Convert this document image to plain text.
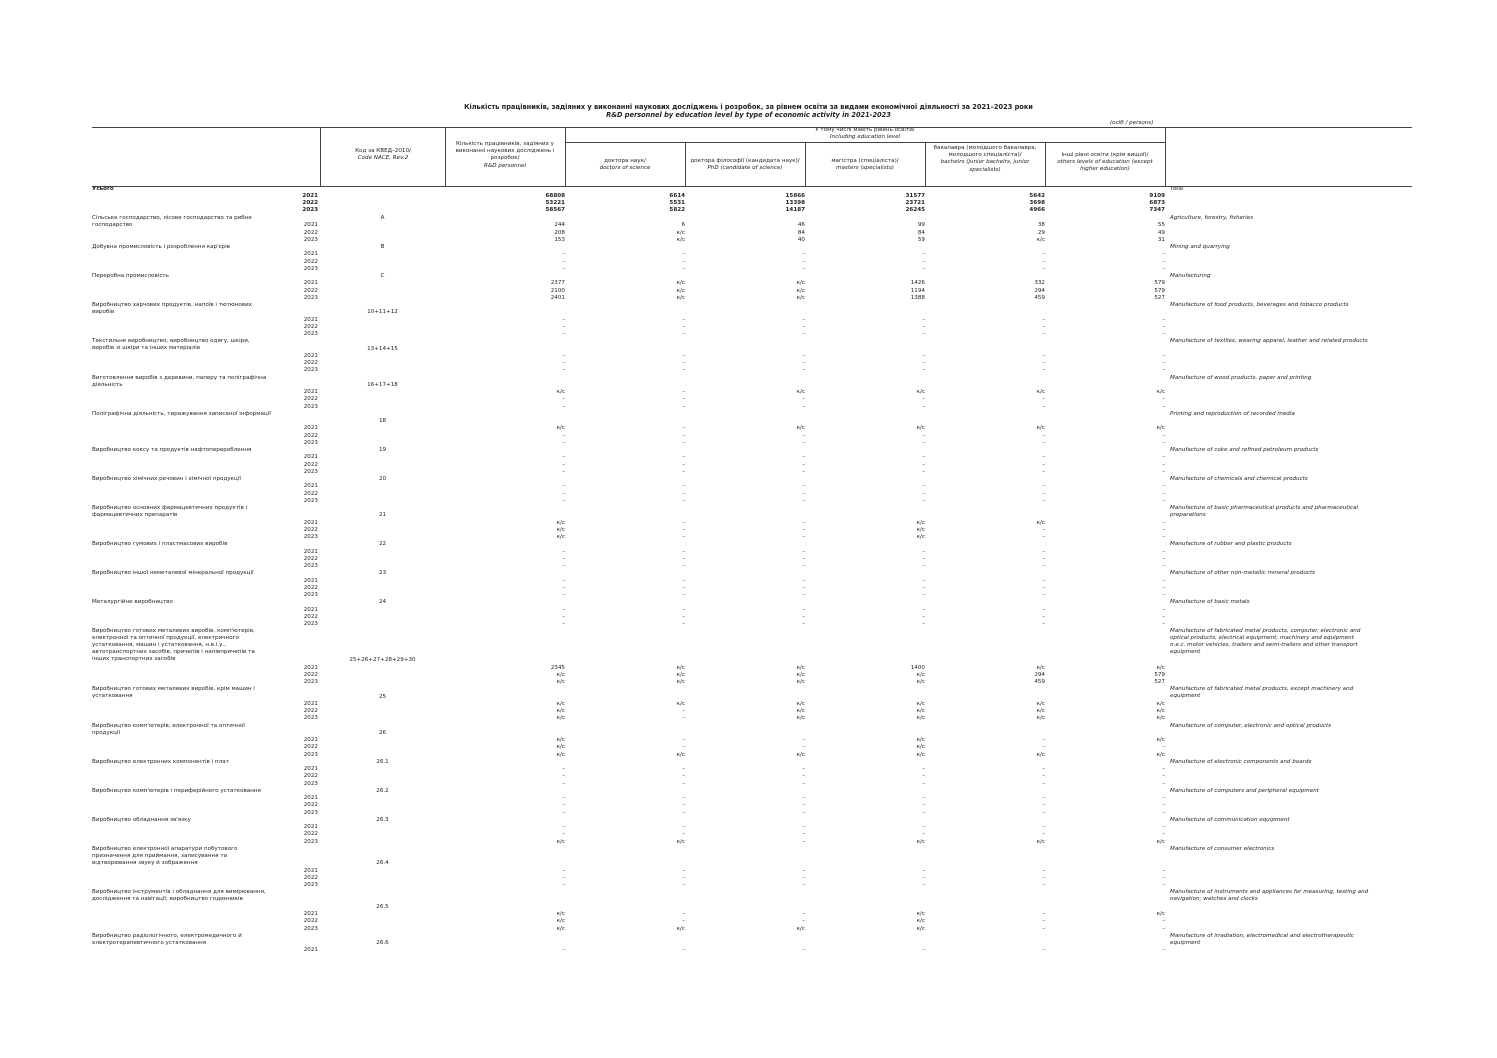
Кількість працівників, задіяних у виконанні наукових досліджень і розробок, за рівнем освіти за видами економічної діяльності за 2021–2023 роки
R&D personnel by education level by type of economic activity in 2021-2023
(осіб / persons)
Код за КВЕД–2010/
Code NACE, Rev.2
Кількість працівників, задіяних у виконанні наукових досліджень і розробок/
R&D personnel
У тому числі мають рівень освіти/
Including education level
доктора наук/
doctors of science
доктора філософії (кандидата наук)/
PhD (candidate of science)
магістра (спеціаліста)/
masters (specialists)
бакалавра (молодшого бакалавра, молодшого спеціаліста)/
bachelrs (junior bachelrs, junior specialists)
інші рівні освіти (крім вищої)/
others levels of education (except higher education)
Усього	Total
2021	68808	6614	15866	31577	5642	9109
2022	53221	5531	13398	23721	3698	6873
2023	58567	5822	14187	26245	4966	7347
Сільське господарство, лісове господарство та рибне господарство
Agriculture, forestry, fisheries
A
2021	244	6	46	99	38	55
2022	208	к/с	84	84	29	49
2023	153	к/с	40	59	к/с	31
Добувна промисловість і розроблення кар'єрів	Mining and quarrying
B
2021	–	–	–	–	–	–
2022	–	–	–	–	–	–
2023	–	–	–	–	–	–
Переробна промисловість	Manufacturing
C
2021	2377	к/с	к/с	1426	332	579
2022	2100	к/с	к/с	1194	294	579
2023	2401	к/с	к/с	1388	459	527
Виробництво харчових продуктів, напоїв і тютюнових виробів
Manufacture of food products, beverages and tobacco products
10+11+12
2021	–	–	–	–	–	–
2022	–	–	–	–	–	–
2023	–	–	–	–	–	–
Текстильне виробництво, виробництво одягу, шкіри, виробів зі шкіри та інших матеріалів
Manufacture of textiles, wearing apparel, leather and related products
13+14+15
2021	–	–	–	–	–	–
2022	–	–	–	–	–	–
2023	–	–	–	–	–	–
Виготовлення виробів з деревини, паперу та поліграфічна діяльність
Manufacture of wood products, paper and printing
16+17+18
2021	к/с	–	к/с	к/с	к/с	к/с
2022	–	–	–	–	–	–
2023	–	–	–	–	–	–
Поліграфічна діяльність, тиражування записаної інформації	Printing and reproduction of recorded media
18
2021	к/с	–	к/с	к/с	к/с	к/с
2022	–	–	–	–	–	–
2023	–	–	–	–	–	–
Виробництво коксу та продуктів нафтоперероблення	Manufacture of coke and refined petroleum products
19
2021	–	–	–	–	–	–
2022	–	–	–	–	–	–
2023	–	–	–	–	–	–
Виробництво хімічних речовин і хімічної продукції	Manufacture of chemicals and chemical products
20
2021	–	–	–	–	–	–
2022	–	–	–	–	–	–
2023	–	–	–	–	–	–
Виробництво основних фармацевтичних продуктів і фармацевтичних препаратів
Manufacture of basic pharmaceutical products and pharmaceutical preparations
21
2021	к/с	–	–	к/с	к/с	–
2022	к/с	–	–	к/с	–	–
2023	к/с	–	–	к/с	–	–
Виробництво гумових і пластмасових виробів	Manufacture of rubber and plastic products
22
2021	–	–	–	–	–	–
2022	–	–	–	–	–	–
2023	–	–	–	–	–	–
Виробництво іншої неметалевої мінеральної продукції	Manufacture of other non-metallic mineral products
23
2021	–	–	–	–	–	–
2022	–	–	–	–	–	–
2023	–	–	–	–	–	–
Металургійне виробництво	Manufacture of basic metals
24
2021	–	–	–	–	–	–
2022	–	–	–	–	–	–
2023	–	–	–	–	–	–
Виробництво готових металевих виробів, комп'ютерів, електронної та оптичної продукції, електричного устатковання, машин і устатковання, н.в.і.у., автотранспортних засобів, причепів і напівпричепів та інших транспортних засобів
Manufacture of fabricated metal products, computer, electronic and optical products, electrical equipment, machinery and equipment n.e.c. motor vehicles, trailers and semi-trailers and other transport equipment
25+26+27+28+29+30
2021	2345	к/с	к/с	1400	к/с	к/с
2022	к/с	к/с	к/с	к/с	294	579
2023	к/с	к/с	к/с	к/с	459	527
Виробництво готових металевих виробів, крім машин і устатковання
Manufacture of fabricated metal products, except machinery and equipment
25
2021	к/с	к/с	к/с	к/с	к/с	к/с
2022	к/с	–	к/с	к/с	к/с	к/с
2023	к/с	–	к/с	к/с	к/с	к/с
Виробництво комп'ютерів, електронної та оптичної продукції
Manufacture of computer, electronic and optical products
26
2021	к/с	–	–	к/с	–	к/с
2022	к/с	–	–	к/с	–	–
2023	к/с	к/с	к/с	к/с	к/с	к/с
Виробництво електронних компонентів і плат	Manufacture of electronic components and boards
26.1
2021	–	–	–	–	–	–
2022	–	–	–	–	–	–
2023	–	–	–	–	–	–
Виробництво комп'ютерів і периферійного устатковання	Manufacture of computers and peripheral equipment
26.2
2021	–	–	–	–	–	–
2022	–	–	–	–	–	–
2023	–	–	–	–	–	–
Виробництво обладнання зв'язку	Manufacture of communication equipment
26.3
2021	–	–	–	–	–	–
2022	–	–	–	–	–	–
2023	к/с	к/с	–	к/с	к/с	к/с
Виробництво електронної апаратури побутового призначення для приймання, записування та відтворювання звуку й зображення
Manufacture of consumer electronics
26.4
2021	–	–	–	–	–	–
2022	–	–	–	–	–	–
2023	–	–	–	–	–	–
Виробництво інструментів і обладнання для вимірювання, дослідження та навігації; виробництво годинників
Manufacture of instruments and appliances for measuring, testing and navigation; watches and clocks
26.5
2021	к/с	–	–	к/с	–	к/с
2022	к/с	–	–	к/с	–	–
2023	к/с	к/с	к/с	к/с	–	–
Виробництво радіологічного, електромедичного й електротерапевтичного устатковання
Manufacture of irradiation, electromedical and electrotherapeutic equipment
26.6
2021	–	–	–	–	–	–
